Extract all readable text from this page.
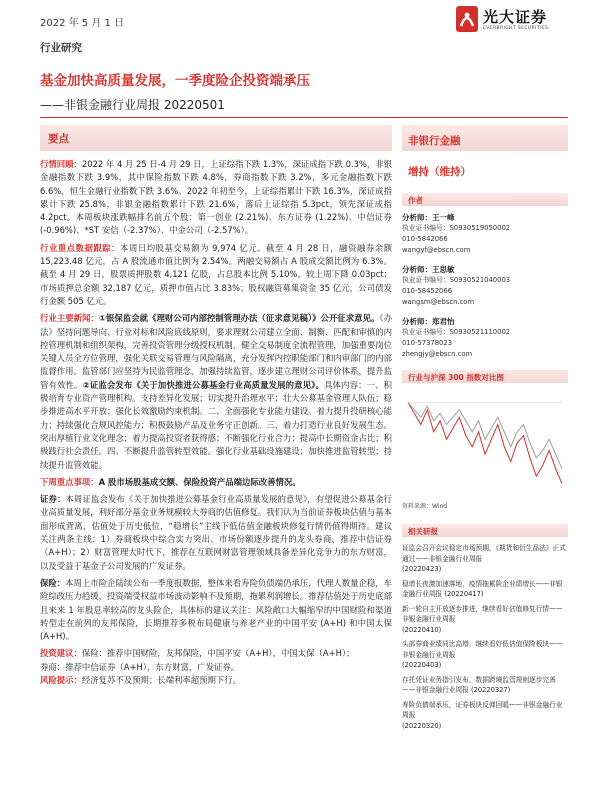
2022 年 5 月 1 日	光大证券
EVERBRIGHT SECURITIES
行业研究
基金加快高质量发展，一季度险企投资端承压
——非银金融行业周报 20220501
要点

行情回顾：2022 年 4 月 25 日-4 月 29 日，上证综指下跌 1.3%，深证成指下跌 0.3%，非银金融指数下跌 3.9%，其中保险指数下跌 4.8%，券商指数下跌 3.2%，多元金融指数下跌 6.6%，恒生金融行业指数下跌 3.6%。2022 年初至今，上证综指累计下跌 16.3%，深证成指累计下跌 25.8%，非银金融指数累计下跌 21.6%，落后上证综指 5.3pct，领先深证成指 4.2pct。本周板块涨跌幅排名前五个股：第一创业 (2.21%)、东方证券 (1.22%)、中信证券 (-0.96%)、*ST 安信（-2.37%）、中金公司（-2.57%）。

行业重点数据跟踪：本周日均股基交易额为 9,974 亿元。截至 4 月 28 日，融资融券余额 15,223.48 亿元，占 A 股流通市值比例为 2.54%。两融交易额占 A 股成交额比例为 6.3%。截至 4 月 29 日，股票质押股数 4,121 亿股，占总股本比例 5.10%，较上周下降 0.03pct；市场质押总金额 32,187 亿元，质押市值占比 3.83%；股权融资募集资金 35 亿元，公司债发行金额 505 亿元。

行业主要新闻：①银保监会就《理财公司内部控制管理办法（征求意见稿）》公开征求意见。《办法》坚持问题导向、行业对标和风险底线原则，要求理财公司建立全面、制衡、匹配和审慎的内控管理机制和组织架构，完善投资管理分级授权机制，健全交易制度全流程管理，加强重要岗位关键人员全方位管理，强化关联交易管理与风险隔离，充分发挥内控职能部门和内审部门的内部监督作用。监管部门应坚持为民监管理念，加强持续监管，逐步建立理财公司评价体系，提升监管有效性。②证监会发布《关于加快推进公募基金行业高质量发展的意见》。具体内容：一、积极培育专业资产管理机构。支持差异化发展；切实提升治理水平；壮大公募基金管理人队伍；稳步推进高水平开放；强化长效激励约束机制。二、全面强化专业能力建设。着力提升投研核心能力；持续强化合规风控能力；积极鼓励产品及业务守正创新。三、着力打造行业良好发展生态。突出厚植行业文化理念；着力提高投资者获得感；不断强化行业合力；提高中长期资金占比；积极践行社会责任。四、不断提升监管转型效能。强化行业基础设施建设；加快推进监管转型；持续提升监管效能。

下周重点事项：A 股市场股基成交额、保险投资产品端边际改善情况。

证券：本周证监会发布《关于加快推进公募基金行业高质量发展的意见》，有望促进公募基金行业高质量发展，利好部分基金业务规模较大券商的估值修复。我们认为当前证券板块估值与基本面形成背离，估值处于历史低位，“稳增长”主线下低估值金融板块修复行情仍值得期待。建议关注两条主线：1）券商板块中综合实力突出、市场份额逐步提升的龙头券商，推荐中信证券（A+H）；2）财富管理大时代下，推荐在互联网财富管理领域具备差异化竞争力的东方财富，以及受益于基金子公司发展的广发证券。

保险：本周上市险企陆续公布一季度报数据，整体来看寿险负债端仍承压，代理人数量企稳，车险综改压力趋缓，投资端受权益市场波动影响不及预期，拖累利润增长。推荐估值处于历史底部且来来 1 年股息率较高的龙头险企，具体标的建议关注：风险敞口大幅缩窄的中国财险和渠道转型走在前列的友邦保险，长期推荐多税布局健康与养老产业的中国平安 (A+H) 和中国太保 (A+H)。

投资建议：保险：推荐中国财险，友邦保险，中国平安（A+H），中国太保（A+H）；
券商：推荐中信证券（A+H），东方财富，广发证券。

风险提示：经济复苏不及预期；长端利率超预期下行。

非银行金融
增持（维持）
作者
分析师：王一峰
执业证书编号：S0930519050002
010-5842066
wangyf@ebscn.com
分析师：王思敏
执业证书编号：S0930521040003
010-58452066
wangsm@ebscn.com
分析师：郑君怡
执业证书编号：S0930521110002
010-57378023
zhengjy@ebscn.com
行业与沪深 300 指数对比图
资料来源：Wind
相关研报
证监会召开会议稳定市场预期，《期货和衍生品法》正式通过——非银金融行业周报
(20220423)
稳增长夜激加速落地，疫情拖累险企业绩增长——非银金融行业周报 (20220417)
新一轮自主开放逐步推进，继续看好估值修复行情——非银金融行业周报
(20220410)
头部券商业绩同比高增，继续看好低估值保险板块——非银金融行业周报
(20220403)
存托凭证业务指引发布，数据跨境监管规则逐步完善——非银金融行业周报 (20220327)
寿险负债端承压，证券板块反弹回暖——非银金融行业周报
(20220320)
